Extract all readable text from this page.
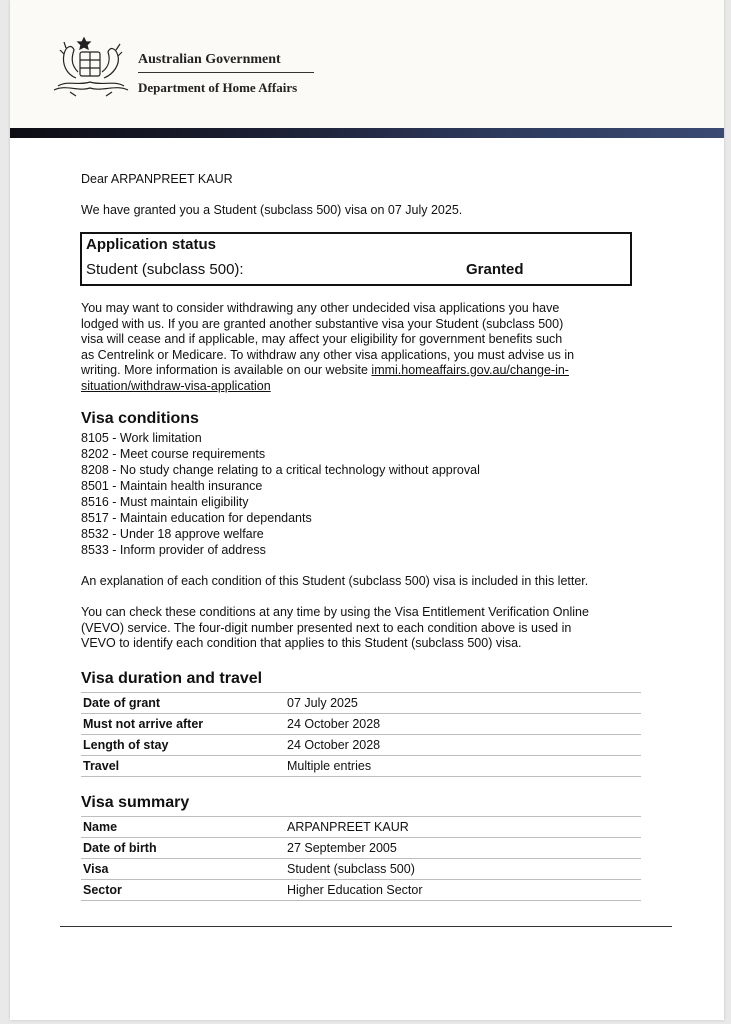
Australian Government
Department of Home Affairs
Dear ARPANPREET KAUR
We have granted you a Student (subclass 500) visa on 07 July 2025.
Application status
Student (subclass 500):	Granted
You may want to consider withdrawing any other undecided visa applications you have
lodged with us. If you are granted another substantive visa your Student (subclass 500)
visa will cease and if applicable, may affect your eligibility for government benefits such
as Centrelink or Medicare. To withdraw any other visa applications, you must advise us in
writing. More information is available on our website immi.homeaffairs.gov.au/change-in-
situation/withdraw-visa-application
Visa conditions
8105 - Work limitation
8202 - Meet course requirements
8208 - No study change relating to a critical technology without approval
8501 - Maintain health insurance
8516 - Must maintain eligibility
8517 - Maintain education for dependants
8532 - Under 18 approve welfare
8533 - Inform provider of address
An explanation of each condition of this Student (subclass 500) visa is included in this letter.
You can check these conditions at any time by using the Visa Entitlement Verification Online
(VEVO) service. The four-digit number presented next to each condition above is used in
VEVO to identify each condition that applies to this Student (subclass 500) visa.
Visa duration and travel
Date of grant	07 July 2025
Must not arrive after	24 October 2028
Length of stay	24 October 2028
Travel	Multiple entries
Visa summary
Name	ARPANPREET KAUR
Date of birth	27 September 2005
Visa	Student (subclass 500)
Sector	Higher Education Sector
